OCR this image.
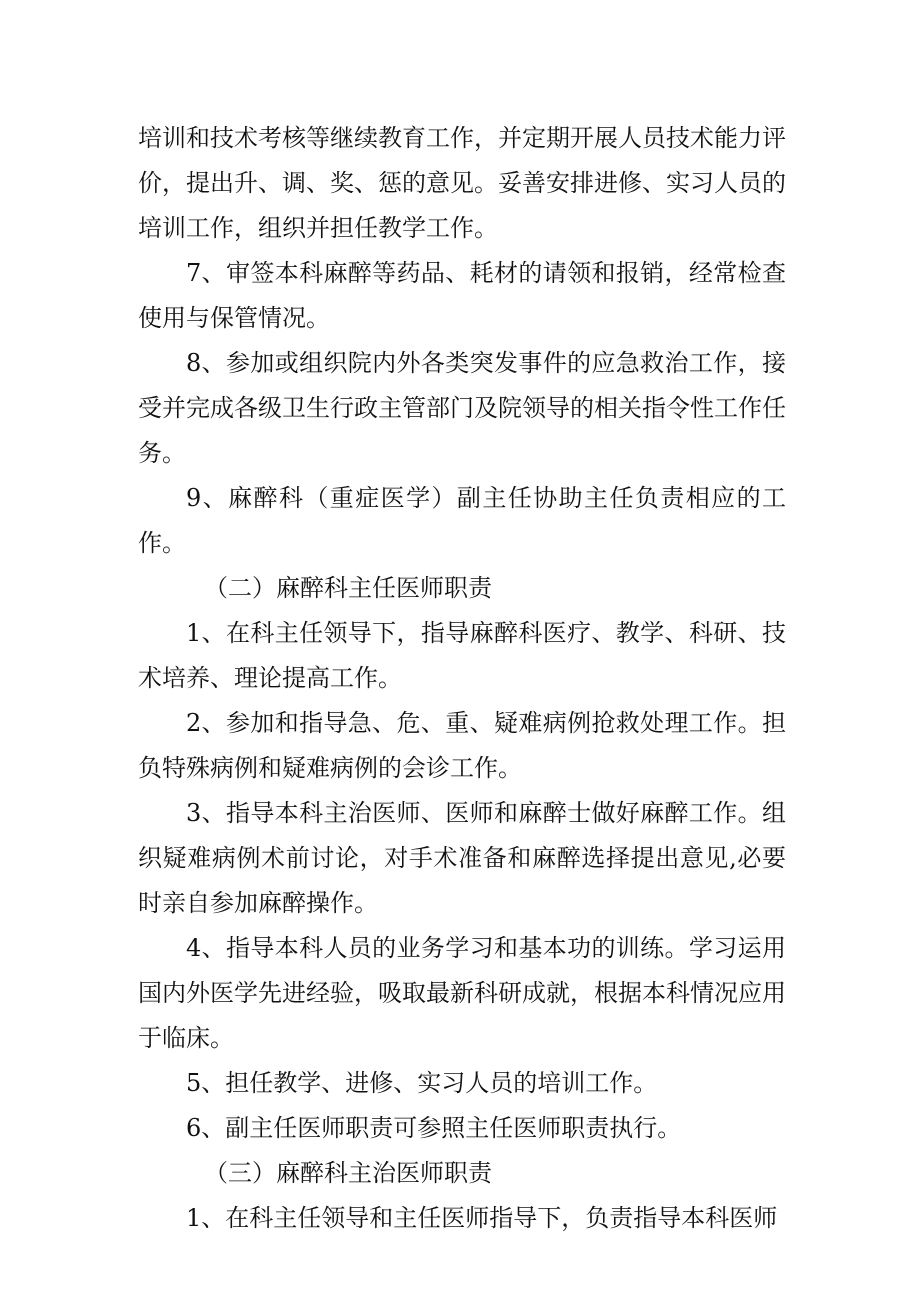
培训和技术考核等继续教育工作，并定期开展人员技术能力评价，提出升、调、奖、惩的意见。妥善安排进修、实习人员的培训工作，组织并担任教学工作。

7、审签本科麻醉等药品、耗材的请领和报销，经常检查使用与保管情况。

8、参加或组织院内外各类突发事件的应急救治工作，接受并完成各级卫生行政主管部门及院领导的相关指令性工作任务。

9、麻醉科（重症医学）副主任协助主任负责相应的工作。

（二）麻醉科主任医师职责

1、在科主任领导下，指导麻醉科医疗、教学、科研、技术培养、理论提高工作。

2、参加和指导急、危、重、疑难病例抢救处理工作。担负特殊病例和疑难病例的会诊工作。

3、指导本科主治医师、医师和麻醉士做好麻醉工作。组织疑难病例术前讨论，对手术准备和麻醉选择提出意见,必要时亲自参加麻醉操作。

4、指导本科人员的业务学习和基本功的训练。学习运用国内外医学先进经验，吸取最新科研成就，根据本科情况应用于临床。

5、担任教学、进修、实习人员的培训工作。

6、副主任医师职责可参照主任医师职责执行。

（三）麻醉科主治医师职责

1、在科主任领导和主任医师指导下，负责指导本科医师
